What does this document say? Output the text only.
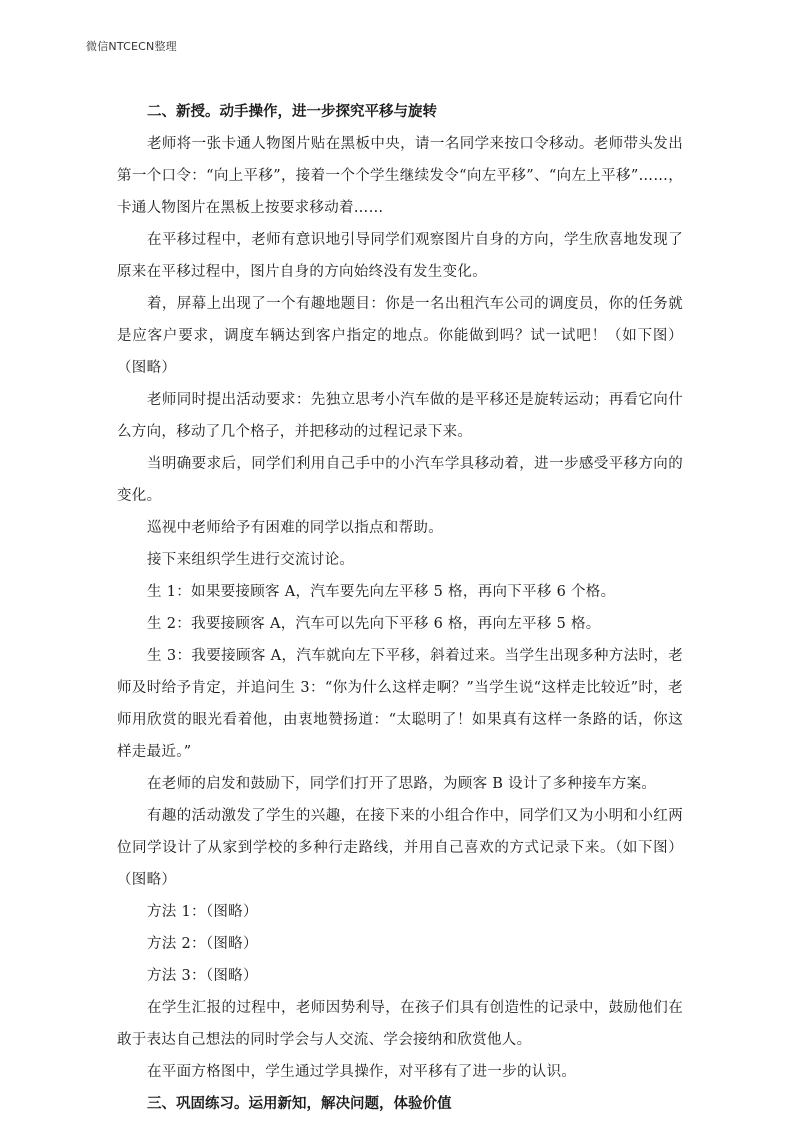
微信NTCECN整理

二、新授。动手操作，进一步探究平移与旋转

老师将一张卡通人物图片贴在黑板中央，请一名同学来按口令移动。老师带头发出第一个口令：“向上平移”，接着一个个学生继续发令“向左平移”、“向左上平移”……，卡通人物图片在黑板上按要求移动着……

在平移过程中，老师有意识地引导同学们观察图片自身的方向，学生欣喜地发现了原来在平移过程中，图片自身的方向始终没有发生变化。

着，屏幕上出现了一个有趣地题目：你是一名出租汽车公司的调度员，你的任务就是应客户要求，调度车辆达到客户指定的地点。你能做到吗？试一试吧！（如下图）（图略）

老师同时提出活动要求：先独立思考小汽车做的是平移还是旋转运动；再看它向什么方向，移动了几个格子，并把移动的过程记录下来。

当明确要求后，同学们利用自己手中的小汽车学具移动着，进一步感受平移方向的变化。

巡视中老师给予有困难的同学以指点和帮助。

接下来组织学生进行交流讨论。

生 1：如果要接顾客 A，汽车要先向左平移 5 格，再向下平移 6 个格。

生 2：我要接顾客 A，汽车可以先向下平移 6 格，再向左平移 5 格。

生 3：我要接顾客 A，汽车就向左下平移，斜着过来。当学生出现多种方法时，老师及时给予肯定，并追问生 3：“你为什么这样走啊？”当学生说“这样走比较近”时，老师用欣赏的眼光看着他，由衷地赞扬道：“太聪明了！如果真有这样一条路的话，你这样走最近。”

在老师的启发和鼓励下，同学们打开了思路，为顾客 B 设计了多种接车方案。

有趣的活动激发了学生的兴趣，在接下来的小组合作中，同学们又为小明和小红两位同学设计了从家到学校的多种行走路线，并用自己喜欢的方式记录下来。（如下图）（图略）

方法 1：（图略）

方法 2：（图略）

方法 3：（图略）

在学生汇报的过程中，老师因势利导，在孩子们具有创造性的记录中，鼓励他们在敢于表达自己想法的同时学会与人交流、学会接纳和欣赏他人。

在平面方格图中，学生通过学具操作，对平移有了进一步的认识。

三、巩固练习。运用新知，解决问题，体验价值
